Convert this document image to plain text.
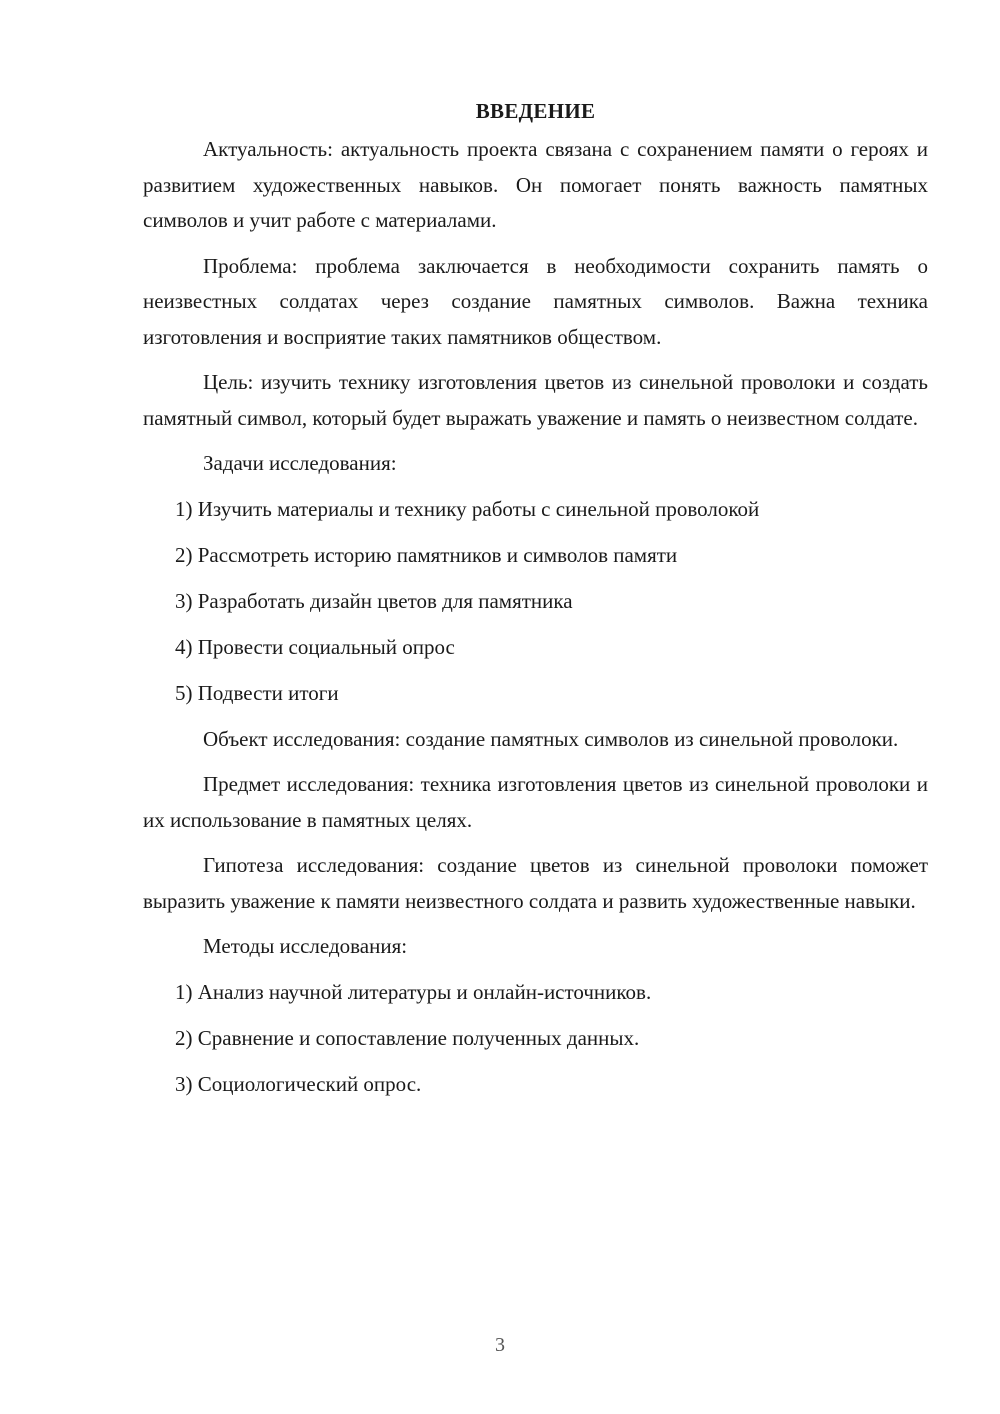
ВВЕДЕНИЕ

Актуальность: актуальность проекта связана с сохранением памяти о героях и развитием художественных навыков. Он помогает понять важность памятных символов и учит работе с материалами.

Проблема: проблема заключается в необходимости сохранить память о неизвестных солдатах через создание памятных символов. Важна техника изготовления и восприятие таких памятников обществом.

Цель: изучить технику изготовления цветов из синельной проволоки и создать памятный символ, который будет выражать уважение и память о неизвестном солдате.

Задачи исследования:

1) Изучить материалы и технику работы с синельной проволокой

2) Рассмотреть историю памятников и символов памяти

3) Разработать дизайн цветов для памятника

4) Провести социальный опрос

5) Подвести итоги

Объект исследования: создание памятных символов из синельной проволоки.

Предмет исследования: техника изготовления цветов из синельной проволоки и их использование в памятных целях.

Гипотеза исследования: создание цветов из синельной проволоки поможет выразить уважение к памяти неизвестного солдата и развить художественные навыки.

Методы исследования:

1) Анализ научной литературы и онлайн-источников.

2) Сравнение и сопоставление полученных данных.

3) Социологический опрос.

3
